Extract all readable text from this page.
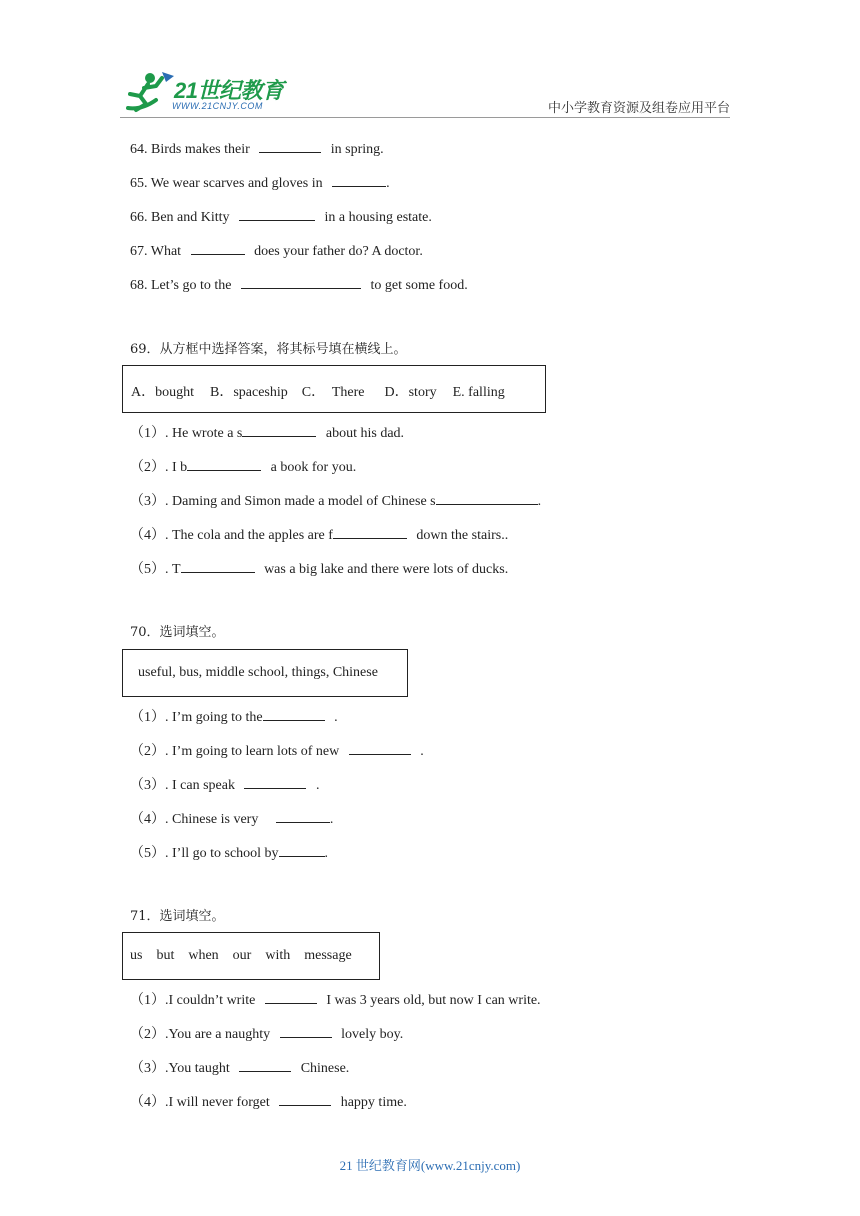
21世纪教育
WWW.21CNJY.COM	中小学教育资源及组卷应用平台
64. Birds makes their	in spring.
65. We wear scarves and gloves in	.
66. Ben and Kitty	in a housing estate.
67. What	does your father do? A doctor.
68. Let’s go to the	to get some food.
69．从方框中选择答案，将其标号填在横线上。
A．bought B．spaceship C．  There D．story E. falling
（1）. He wrote a s	about his dad.
（2）. I b	a book for you.
（3）. Daming and Simon made a model of Chinese s	.
（4）. The cola and the apples are f	down the stairs..
（5）. T	was a big lake and there were lots of ducks.
70．选词填空。
useful, bus, middle school, things, Chinese
（1）. I’m going to the	.
（2）. I’m going to learn lots of new	.
（3）. I can speak	.
（4）. Chinese is very	.
（5）. I’ll go to school by	.
71．选词填空。
us but when our with message
（1）.I couldn’t write	I was 3 years old, but now I can write.
（2）.You are a naughty	lovely boy.
（3）.You taught	Chinese.
（4）.I will never forget	happy time.
21 世纪教育网(www.21cnjy.com)
